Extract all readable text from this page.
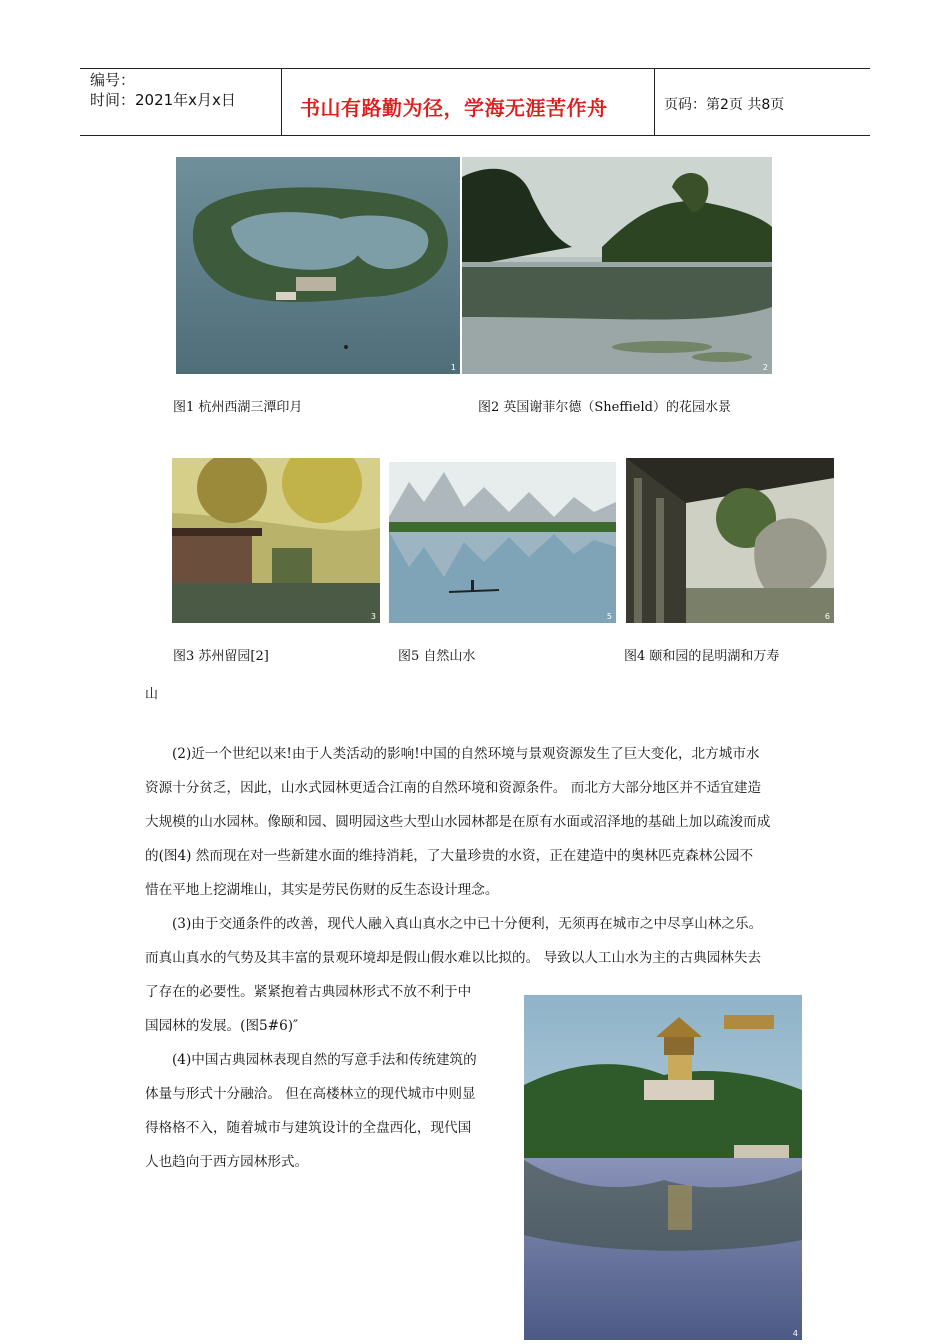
编号：
时间：2021年x月x日	书山有路勤为径，学海无涯苦作舟	页码：第2页 共8页
1	2
图1 杭州西湖三潭印月	图2 英国谢菲尔德（Sheffield）的花园水景
3	5	6
图3 苏州留园[2]	图5 自然山水	图4 颐和园的昆明湖和万寿
山
(2)近一个世纪以来!由于人类活动的影响!中国的自然环境与景观资源发生了巨大变化，北方城市水
资源十分贫乏，因此，山水式园林更适合江南的自然环境和资源条件。 而北方大部分地区并不适宜建造
大规模的山水园林。像颐和园、圆明园这些大型山水园林都是在原有水面或沼泽地的基础上加以疏浚而成
的(图4) 然而现在对一些新建水面的维持消耗，了大量珍贵的水资，正在建造中的奥林匹克森林公园不
惜在平地上挖湖堆山，其实是劳民伤财的反生态设计理念。
(3)由于交通条件的改善，现代人融入真山真水之中已十分便利，无须再在城市之中尽享山林之乐。
而真山真水的气势及其丰富的景观环境却是假山假水难以比拟的。 导致以人工山水为主的古典园林失去
了存在的必要性。紧紧抱着古典园林形式不放不利于中
国园林的发展。(图5#6)″
(4)中国古典园林表现自然的写意手法和传统建筑的
体量与形式十分融洽。 但在高楼林立的现代城市中则显
得格格不入，随着城市与建筑设计的全盘西化，现代国
人也趋向于西方园林形式。
4
